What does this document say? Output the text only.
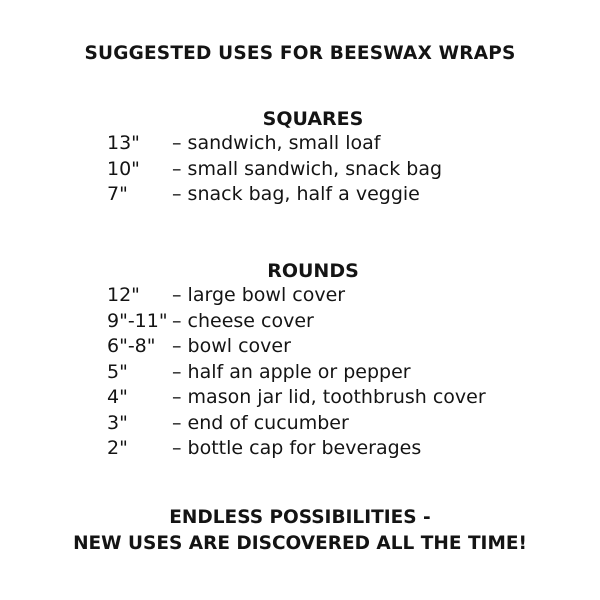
SUGGESTED USES FOR BEESWAX WRAPS
SQUARES
13" – sandwich, small loaf
10" – small sandwich, snack bag
7" – snack bag, half a veggie
ROUNDS
12" – large bowl cover
9"-11" – cheese cover
6"-8" – bowl cover
5" – half an apple or pepper
4" – mason jar lid, toothbrush cover
3" – end of cucumber
2" – bottle cap for beverages
ENDLESS POSSIBILITIES -
NEW USES ARE DISCOVERED ALL THE TIME!
